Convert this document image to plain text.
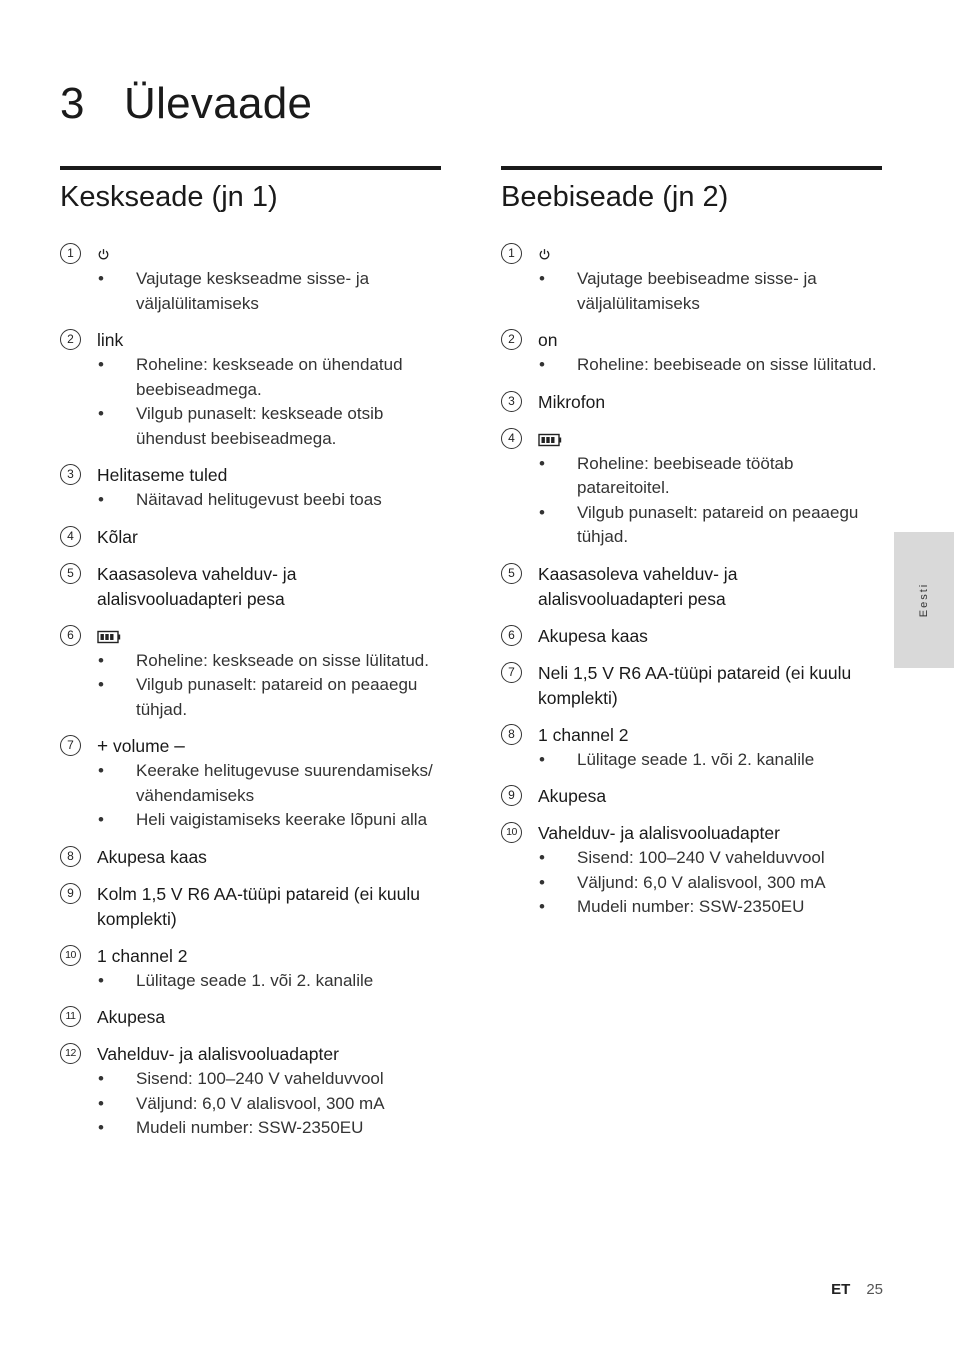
3 Ülevaade
Keskseade (jn 1)
1
• Vajutage keskseadme sisse- ja väljalülitamiseks
2	link
• Roheline: keskseade on ühendatud beebiseadmega.
• Vilgub punaselt: keskseade otsib ühendust beebiseadmega.
3	Helitaseme tuled
• Näitavad helitugevust beebi toas
4	Kõlar
5	Kaasasoleva vahelduv- ja alalisvooluadapteri pesa
6
• Roheline: keskseade on sisse lülitatud.
• Vilgub punaselt: patareid on peaaegu tühjad.
7	+ volume –
• Keerake helitugevuse suurendamiseks/ vähendamiseks
• Heli vaigistamiseks keerake lõpuni alla
8	Akupesa kaas
9	Kolm 1,5 V R6 AA-tüüpi patareid (ei kuulu komplekti)
10 1 channel 2
• Lülitage seade 1. või 2. kanalile
11	Akupesa
12 Vahelduv- ja alalisvooluadapter
• Sisend: 100–240 V vahelduvvool
• Väljund: 6,0 V alalisvool, 300 mA
• Mudeli number: SSW-2350EU
Beebiseade (jn 2)
1
• Vajutage beebiseadme sisse- ja väljalülitamiseks
2	on
• Roheline: beebiseade on sisse lülitatud.
3	Mikrofon
4
• Roheline: beebiseade töötab patareitoitel.
• Vilgub punaselt: patareid on peaaegu tühjad.
5	Kaasasoleva vahelduv- ja alalisvooluadapteri pesa
6	Akupesa kaas
7	Neli 1,5 V R6 AA-tüüpi patareid (ei kuulu komplekti)
8	1 channel 2
• Lülitage seade 1. või 2. kanalile
9	Akupesa
10 Vahelduv- ja alalisvooluadapter
• Sisend: 100–240 V vahelduvvool
• Väljund: 6,0 V alalisvool, 300 mA
• Mudeli number: SSW-2350EU
Eesti
ET 25
